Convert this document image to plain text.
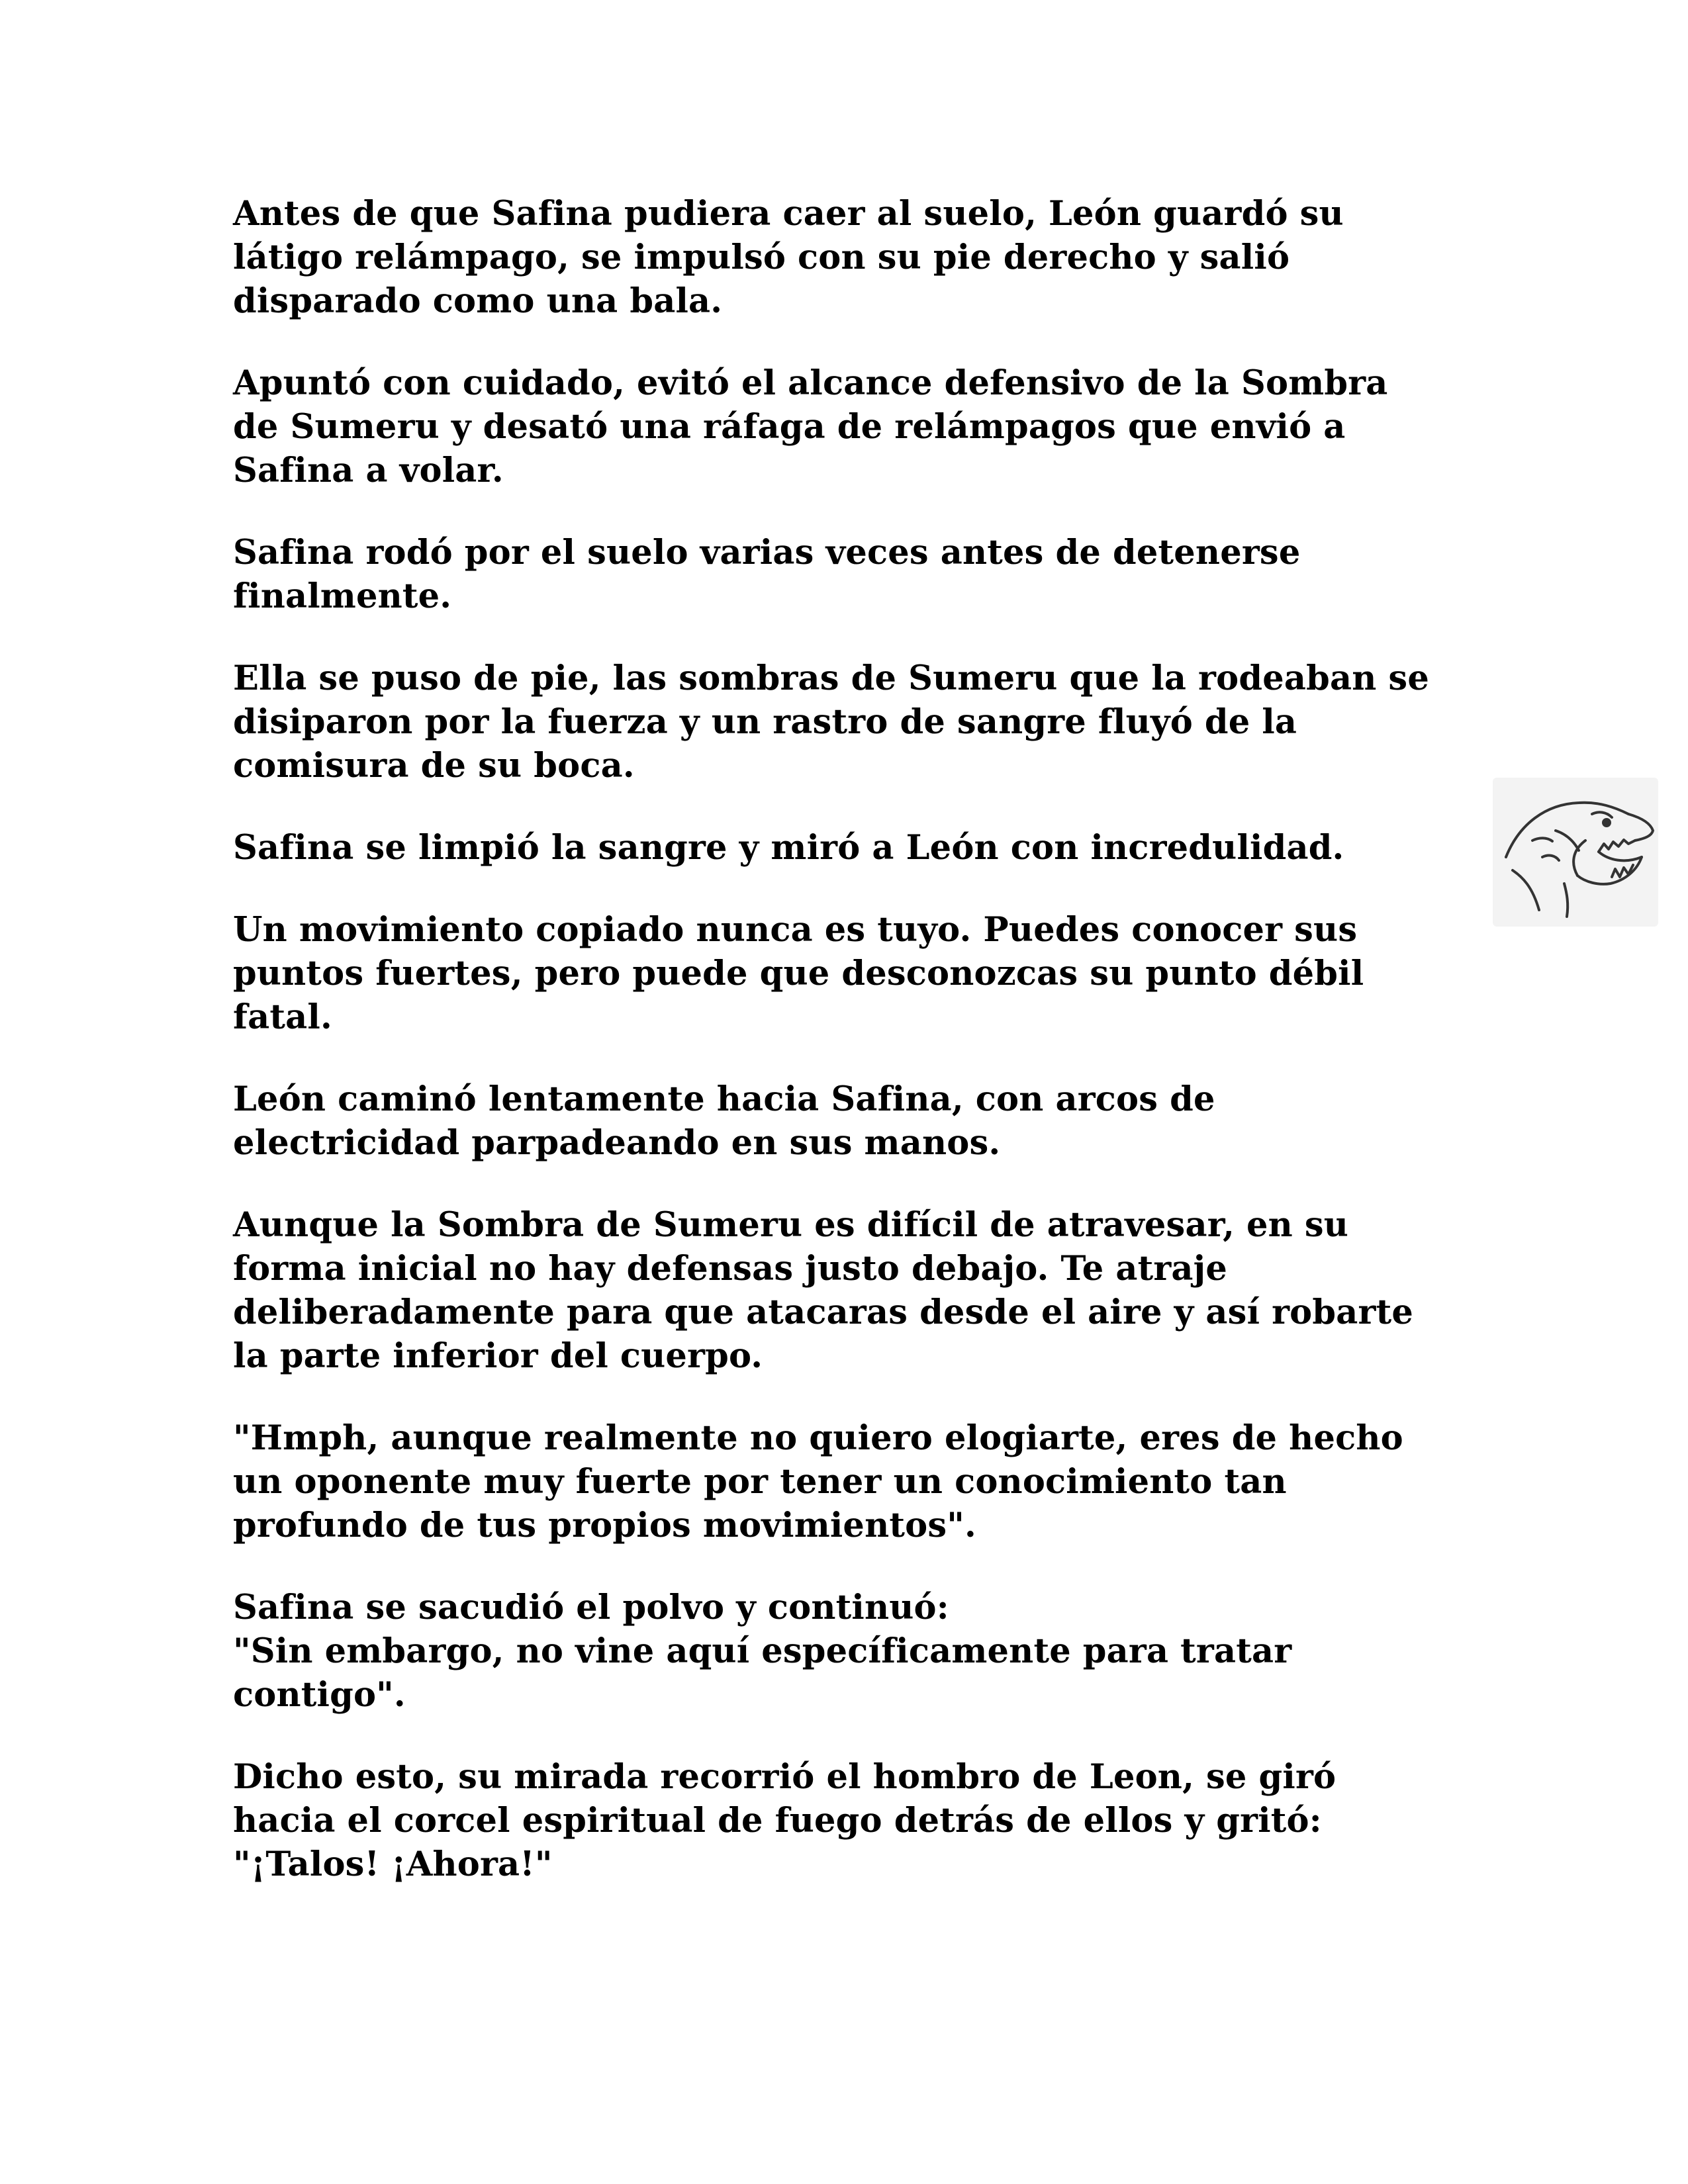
Antes de que Safina pudiera caer al suelo, León guardó su
látigo relámpago, se impulsó con su pie derecho y salió
disparado como una bala.

Apuntó con cuidado, evitó el alcance defensivo de la Sombra
de Sumeru y desató una ráfaga de relámpagos que envió a
Safina a volar.

Safina rodó por el suelo varias veces antes de detenerse
finalmente.

Ella se puso de pie, las sombras de Sumeru que la rodeaban se
disiparon por la fuerza y un rastro de sangre fluyó de la
comisura de su boca.

Safina se limpió la sangre y miró a León con incredulidad.

Un movimiento copiado nunca es tuyo. Puedes conocer sus
puntos fuertes, pero puede que desconozcas su punto débil
fatal.

León caminó lentamente hacia Safina, con arcos de
electricidad parpadeando en sus manos.

Aunque la Sombra de Sumeru es difícil de atravesar, en su
forma inicial no hay defensas justo debajo. Te atraje
deliberadamente para que atacaras desde el aire y así robarte
la parte inferior del cuerpo.

"Hmph, aunque realmente no quiero elogiarte, eres de hecho
un oponente muy fuerte por tener un conocimiento tan
profundo de tus propios movimientos".

Safina se sacudió el polvo y continuó:
"Sin embargo, no vine aquí específicamente para tratar
contigo".

Dicho esto, su mirada recorrió el hombro de Leon, se giró
hacia el corcel espiritual de fuego detrás de ellos y gritó:
"¡Talos! ¡Ahora!"
